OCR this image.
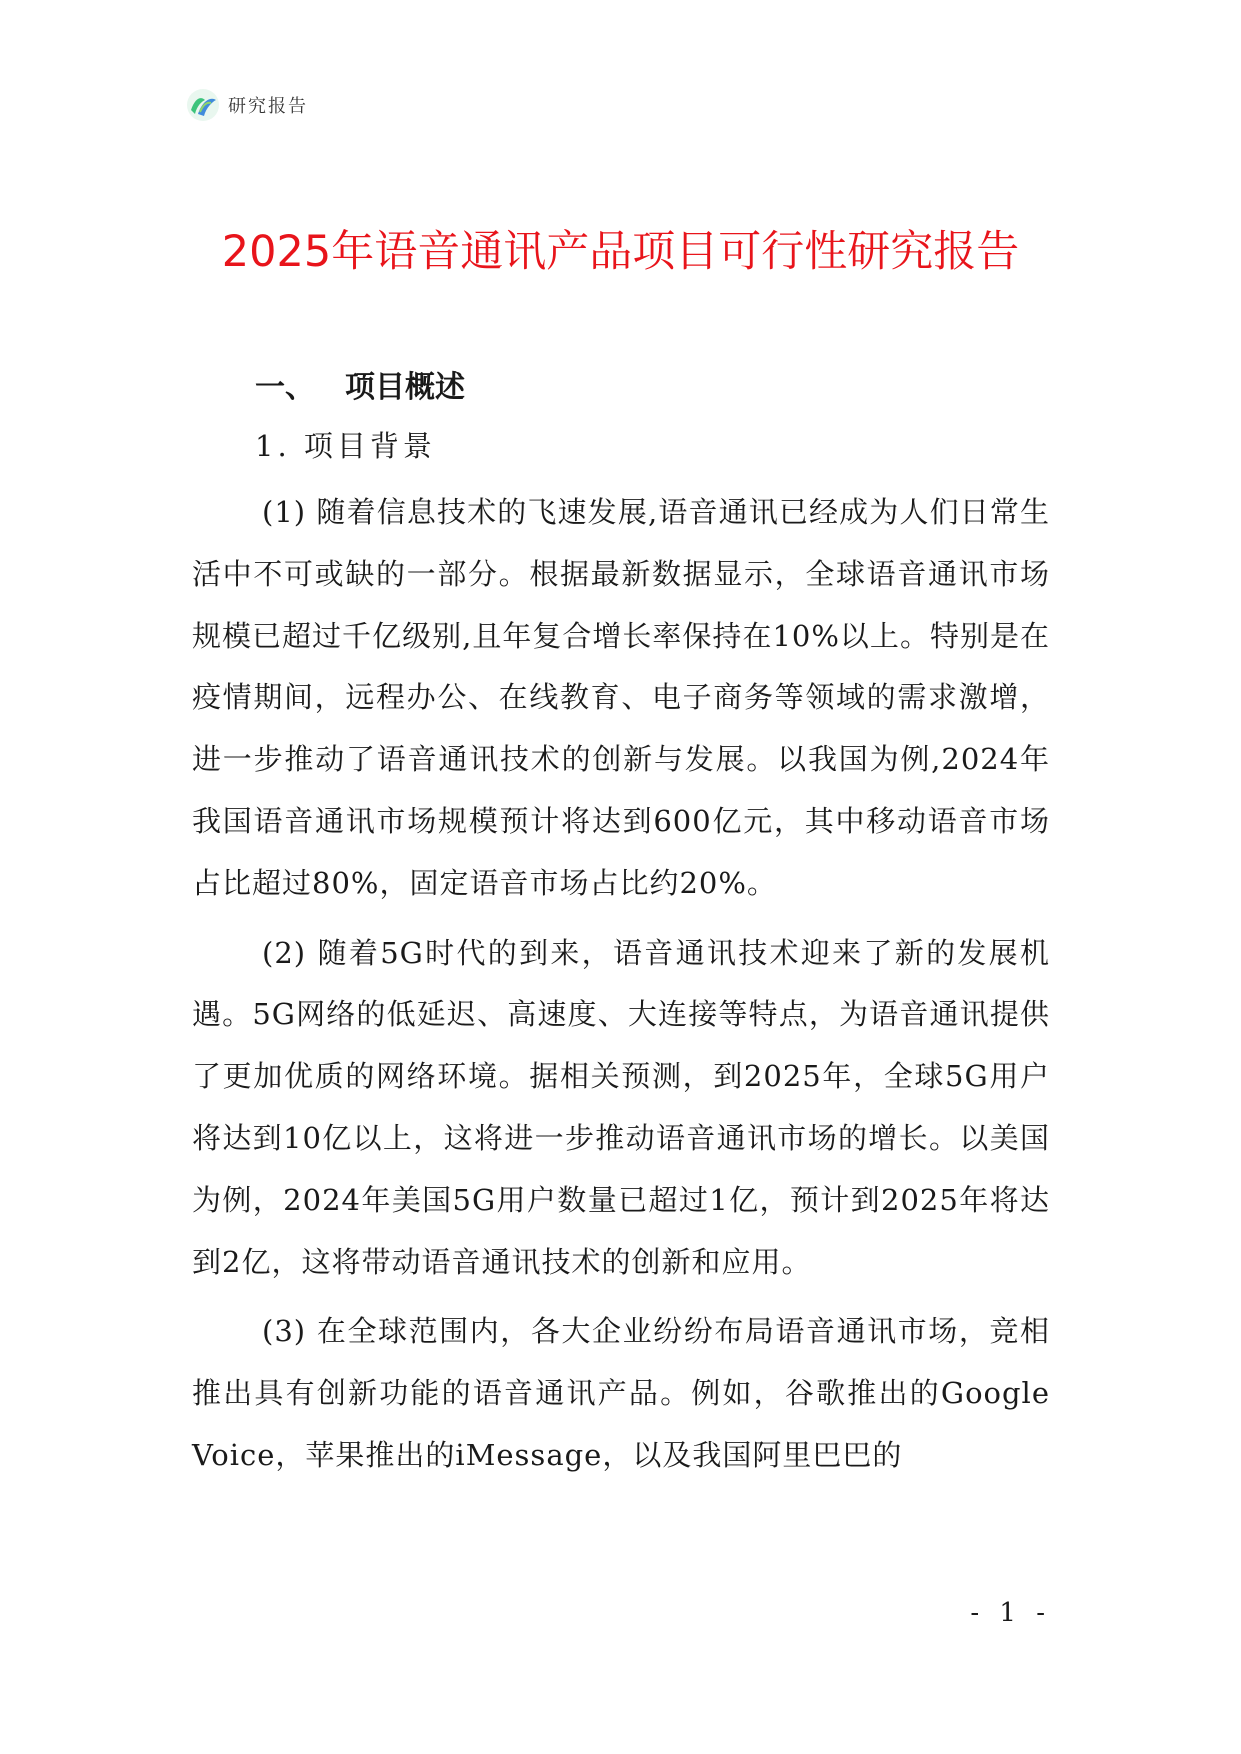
研究报告
2025年语音通讯产品项目可行性研究报告
一、 项目概述
1. 项目背景

(1) 随着信息技术的飞速发展,语音通讯已经成为人们日常生活中不可或缺的一部分。根据最新数据显示，全球语音通讯市场规模已超过千亿级别,且年复合增长率保持在10%以上。特别是在疫情期间，远程办公、在线教育、电子商务等领域的需求激增，进一步推动了语音通讯技术的创新与发展。以我国为例,2024年我国语音通讯市场规模预计将达到600亿元，其中移动语音市场占比超过80%，固定语音市场占比约20%。

(2) 随着5G时代的到来，语音通讯技术迎来了新的发展机遇。5G网络的低延迟、高速度、大连接等特点，为语音通讯提供了更加优质的网络环境。据相关预测，到2025年，全球5G用户将达到10亿以上，这将进一步推动语音通讯市场的增长。以美国为例，2024年美国5G用户数量已超过1亿，预计到2025年将达到2亿，这将带动语音通讯技术的创新和应用。

(3) 在全球范围内，各大企业纷纷布局语音通讯市场，竞相推出具有创新功能的语音通讯产品。例如，谷歌推出的Google Voice，苹果推出的iMessage，以及我国阿里巴巴的

- 1 -
